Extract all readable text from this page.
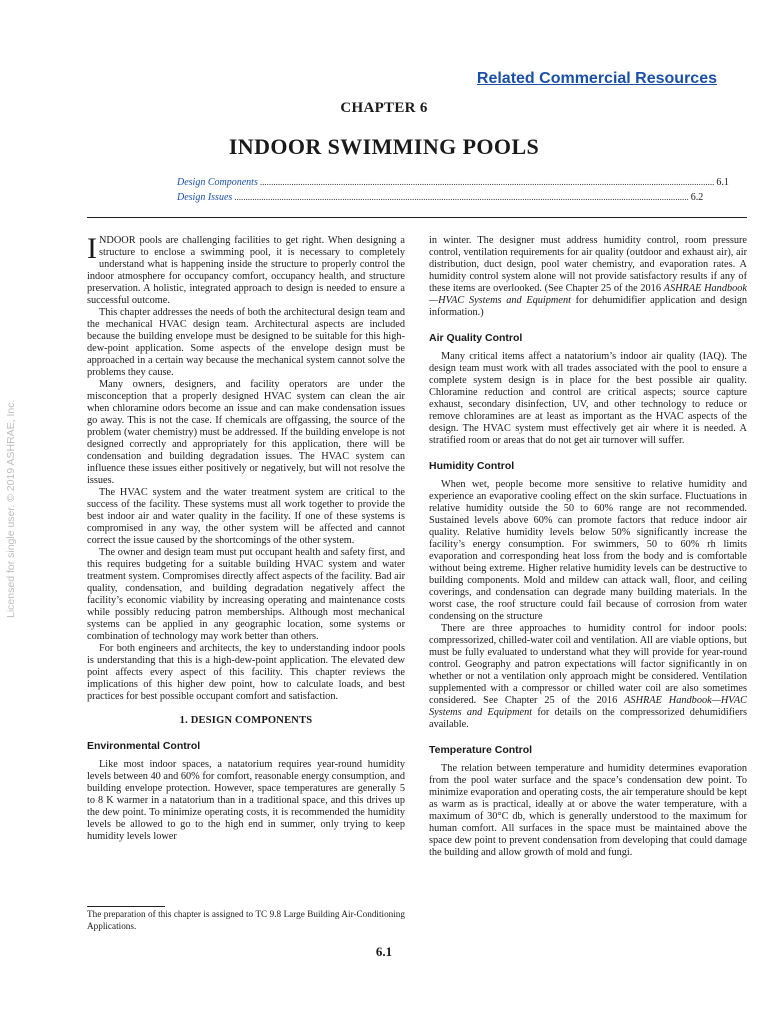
Related Commercial Resources
Licensed for single user. © 2019 ASHRAE, Inc.
CHAPTER 6
INDOOR SWIMMING POOLS
Design Components .......................................................................................................................................................................................................... 6.1
Design Issues .......................................................................................................................................................................................................... 6.2

INDOOR pools are challenging facilities to get right. When designing a structure to enclose a swimming pool, it is necessary to completely understand what is happening inside the structure to properly control the indoor atmosphere for occupancy comfort, occupancy health, and structure preservation. A holistic, integrated approach to design is needed to ensure a successful outcome.

This chapter addresses the needs of both the architectural design team and the mechanical HVAC design team. Architectural aspects are included because the building envelope must be designed to be suitable for this high-dew-point application. Some aspects of the envelope design must be approached in a certain way because the mechanical system cannot solve the problems they cause.

Many owners, designers, and facility operators are under the misconception that a properly designed HVAC system can clean the air when chloramine odors become an issue and can make condensation issues go away. This is not the case. If chemicals are offgassing, the source of the problem (water chemistry) must be addressed. If the building envelope is not designed correctly and appropriately for this application, there will be condensation and building degradation issues. The HVAC system can influence these issues either positively or negatively, but will not resolve the issues.

The HVAC system and the water treatment system are critical to the success of the facility. These systems must all work together to provide the best indoor air and water quality in the facility. If one of these systems is compromised in any way, the other system will be affected and cannot correct the issue caused by the shortcomings of the other system.

The owner and design team must put occupant health and safety first, and this requires budgeting for a suitable building HVAC system and water treatment system. Compromises directly affect aspects of the facility. Bad air quality, condensation, and building degradation negatively affect the facility’s economic viability by increasing operating and maintenance costs while possibly reducing patron memberships. Although most mechanical systems can be applied in any geographic location, some systems or combination of technology may work better than others.

For both engineers and architects, the key to understanding indoor pools is understanding that this is a high-dew-point application. The elevated dew point affects every aspect of this facility. This chapter reviews the implications of this higher dew point, how to calculate loads, and best practices for best possible occupant comfort and satisfaction.

1. DESIGN COMPONENTS
Environmental Control

Like most indoor spaces, a natatorium requires year-round humidity levels between 40 and 60% for comfort, reasonable energy consumption, and building envelope protection. However, space temperatures are generally 5 to 8 K warmer in a natatorium than in a traditional space, and this drives up the dew point. To minimize operating costs, it is recommended the humidity levels be allowed to go to the high end in summer, only trying to keep humidity levels lower

in winter. The designer must address humidity control, room pressure control, ventilation requirements for air quality (outdoor and exhaust air), air distribution, duct design, pool water chemistry, and evaporation rates. A humidity control system alone will not provide satisfactory results if any of these items are overlooked. (See Chapter 25 of the 2016 ASHRAE Handbook—HVAC Systems and Equipment for dehumidifier application and design information.)

Air Quality Control

Many critical items affect a natatorium’s indoor air quality (IAQ). The design team must work with all trades associated with the pool to ensure a complete system design is in place for the best possible air quality. Chloramine reduction and control are critical aspects; source capture exhaust, secondary disinfection, UV, and other technology to reduce or remove chloramines are at least as important as the HVAC aspects of the design. The HVAC system must effectively get air where it is needed. A stratified room or areas that do not get air turnover will suffer.

Humidity Control

When wet, people become more sensitive to relative humidity and experience an evaporative cooling effect on the skin surface. Fluctuations in relative humidity outside the 50 to 60% range are not recommended. Sustained levels above 60% can promote factors that reduce indoor air quality. Relative humidity levels below 50% significantly increase the facility’s energy consumption. For swimmers, 50 to 60% rh limits evaporation and corresponding heat loss from the body and is comfortable without being extreme. Higher relative humidity levels can be destructive to building components. Mold and mildew can attack wall, floor, and ceiling coverings, and condensation can degrade many building materials. In the worst case, the roof structure could fail because of corrosion from water condensing on the structure

There are three approaches to humidity control for indoor pools: compressorized, chilled-water coil and ventilation. All are viable options, but must be fully evaluated to understand what they will provide for year-round control. Geography and patron expectations will factor significantly in on whether or not a ventilation only approach might be considered. Ventilation supplemented with a compressor or chilled water coil are also sometimes considered. See Chapter 25 of the 2016 ASHRAE Handbook—HVAC Systems and Equipment for details on the compressorized dehumidifiers available.

Temperature Control

The relation between temperature and humidity determines evaporation from the pool water surface and the space’s condensation dew point. To minimize evaporation and operating costs, the air temperature should be kept as warm as is practical, ideally at or above the water temperature, with a maximum of 30°C db, which is generally understood to the maximum for human comfort. All surfaces in the space must be maintained above the space dew point to prevent condensation from developing that could damage the building and allow growth of mold and fungi.

The preparation of this chapter is assigned to TC 9.8 Large Building Air-Conditioning Applications.
6.1
